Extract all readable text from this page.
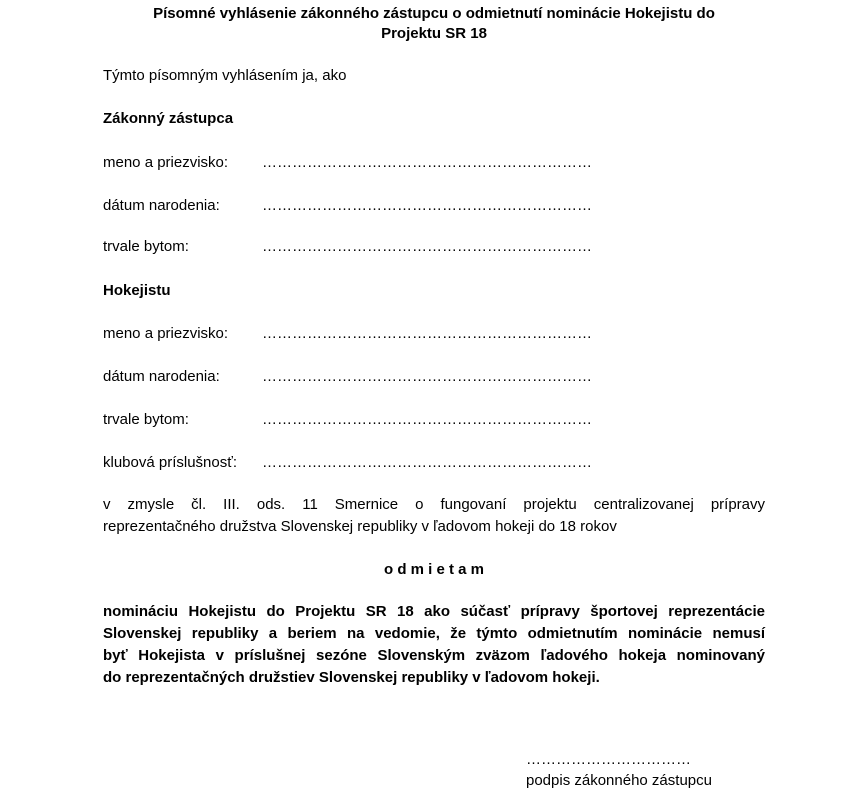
Písomné vyhlásenie zákonného zástupcu o odmietnutí nominácie Hokejistu do
Projektu SR 18
Týmto písomným vyhlásením ja, ako
Zákonný zástupca
meno a priezvisko: …………………………………………………………
dátum narodenia:	…………………………………………………………
trvale bytom:	…………………………………………………………
Hokejistu
meno a priezvisko: …………………………………………………………
dátum narodenia:	…………………………………………………………
trvale bytom:	…………………………………………………………
klubová príslušnosť: …………………………………………………………
v zmysle čl. III. ods. 11 Smernice o fungovaní projektu centralizovanej prípravy
reprezentačného družstva Slovenskej republiky v ľadovom hokeji do 18 rokov
o d m i e t a m
nomináciu Hokejistu do Projektu SR 18 ako súčasť prípravy športovej reprezentácie
Slovenskej republiky a beriem na vedomie, že týmto odmietnutím nominácie nemusí
byť Hokejista v príslušnej sezóne Slovenským zväzom ľadového hokeja nominovaný
do reprezentačných družstiev Slovenskej republiky v ľadovom hokeji.
……………………………
podpis zákonného zástupcu
